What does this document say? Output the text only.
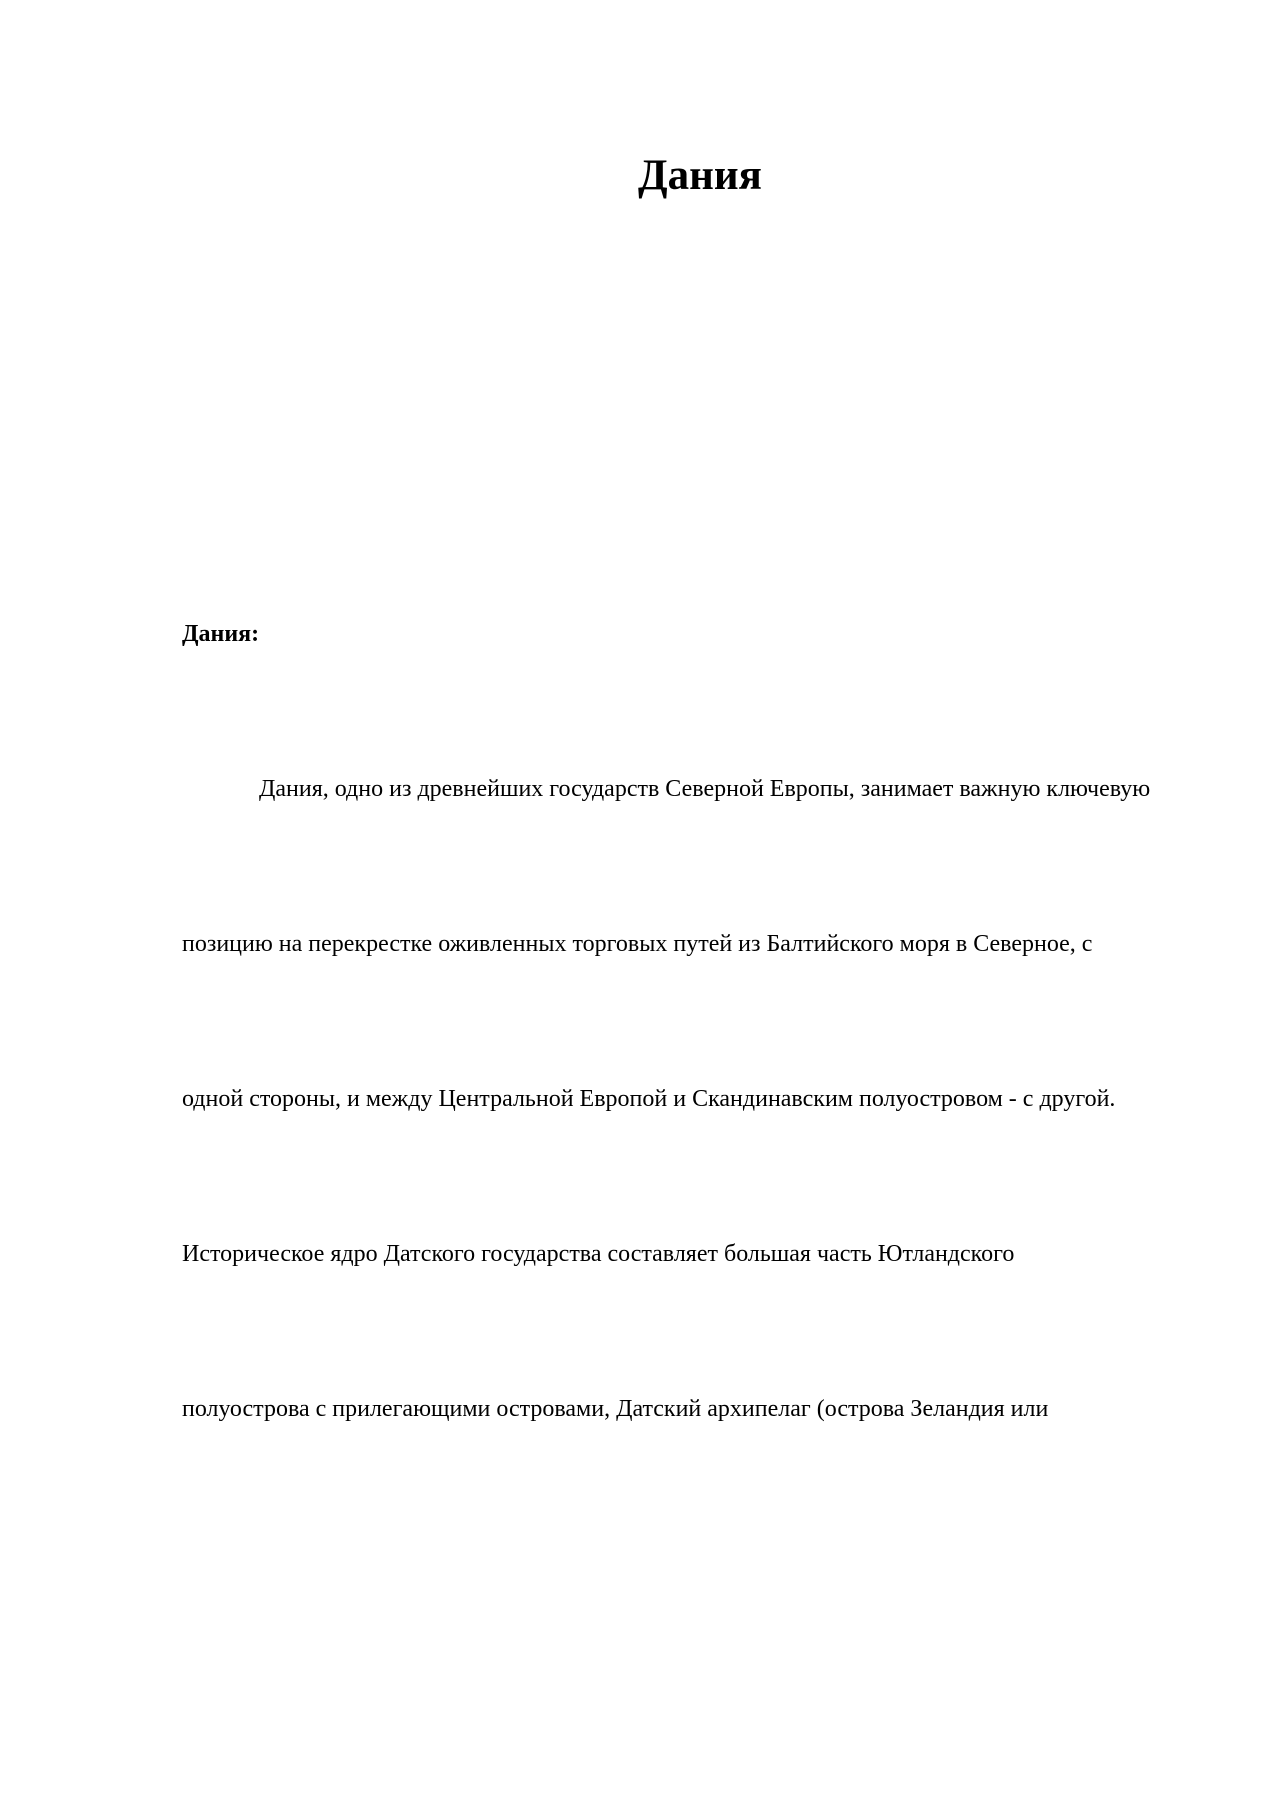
Дания

Дания:

Дания, одно из древнейших государств Северной Европы, занимает важную ключевую

позицию на перекрестке оживленных торговых путей из Балтийского моря в Северное, с

одной стороны, и между Центральной Европой и Скандинавским полуостровом - с другой.

Историческое ядро Датского государства составляет большая часть Ютландского

полуострова с прилегающими островами, Датский архипелаг (острова Зеландия или
